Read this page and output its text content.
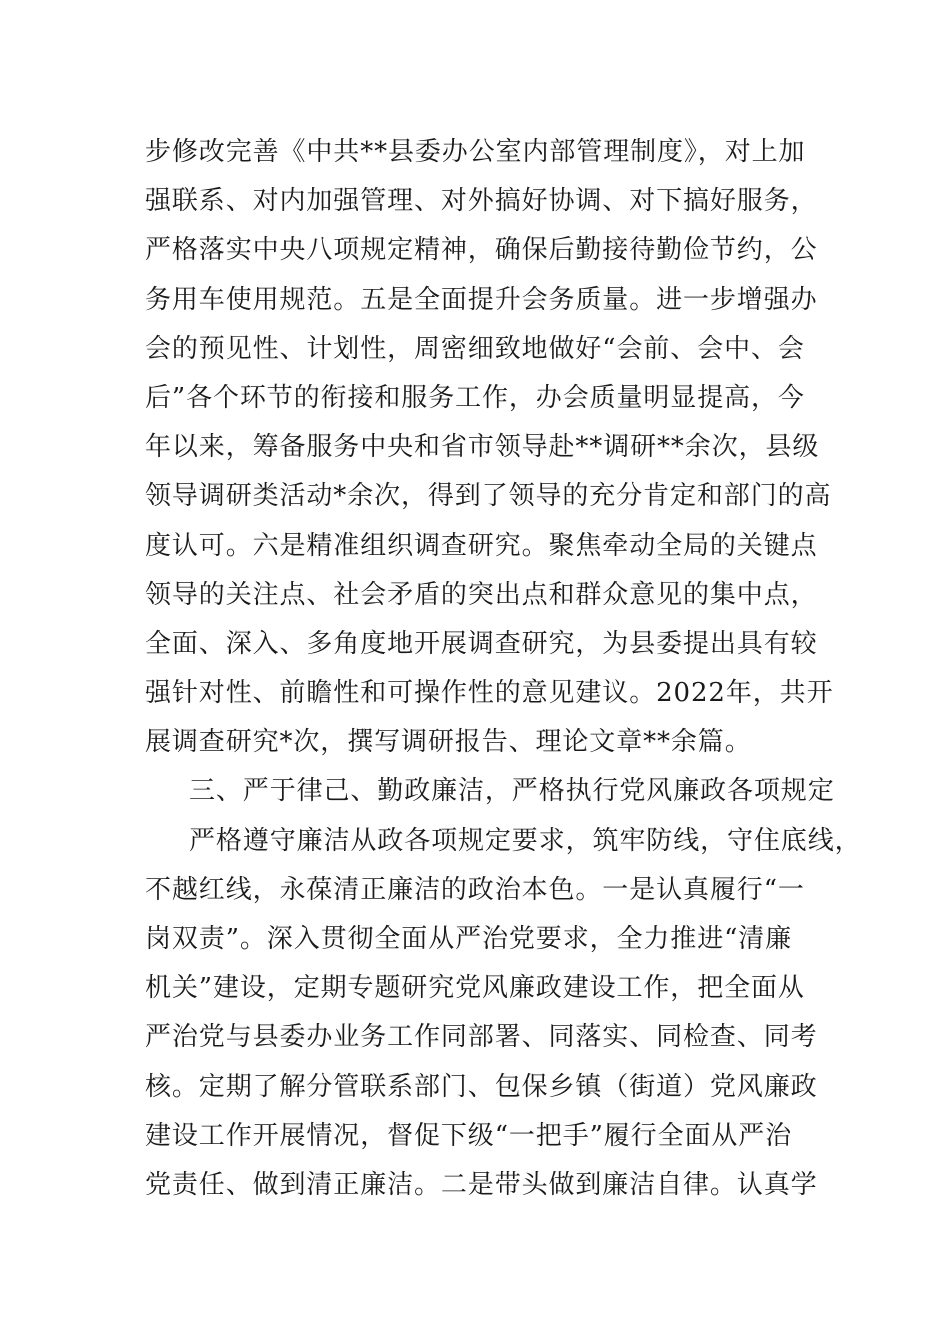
步修改完善《中共**县委办公室内部管理制度》，对上加
强联系、对内加强管理、对外搞好协调、对下搞好服务，
严格落实中央八项规定精神，确保后勤接待勤俭节约，公
务用车使用规范。五是全面提升会务质量。进一步增强办
会的预见性、计划性，周密细致地做好“会前、会中、会
后”各个环节的衔接和服务工作，办会质量明显提高，今
年以来，筹备服务中央和省市领导赴**调研**余次，县级
领导调研类活动*余次，得到了领导的充分肯定和部门的高
度认可。六是精准组织调查研究。聚焦牵动全局的关键点
领导的关注点、社会矛盾的突出点和群众意见的集中点，
全面、深入、多角度地开展调查研究，为县委提出具有较
强针对性、前瞻性和可操作性的意见建议。2022年，共开
展调查研究*次，撰写调研报告、理论文章**余篇。
三、严于律己、勤政廉洁，严格执行党风廉政各项规定
严格遵守廉洁从政各项规定要求，筑牢防线，守住底线，
不越红线，永葆清正廉洁的政治本色。一是认真履行“一
岗双责”。深入贯彻全面从严治党要求，全力推进“清廉
机关”建设，定期专题研究党风廉政建设工作，把全面从
严治党与县委办业务工作同部署、同落实、同检查、同考
核。定期了解分管联系部门、包保乡镇（街道）党风廉政
建设工作开展情况，督促下级“一把手”履行全面从严治
党责任、做到清正廉洁。二是带头做到廉洁自律。认真学
